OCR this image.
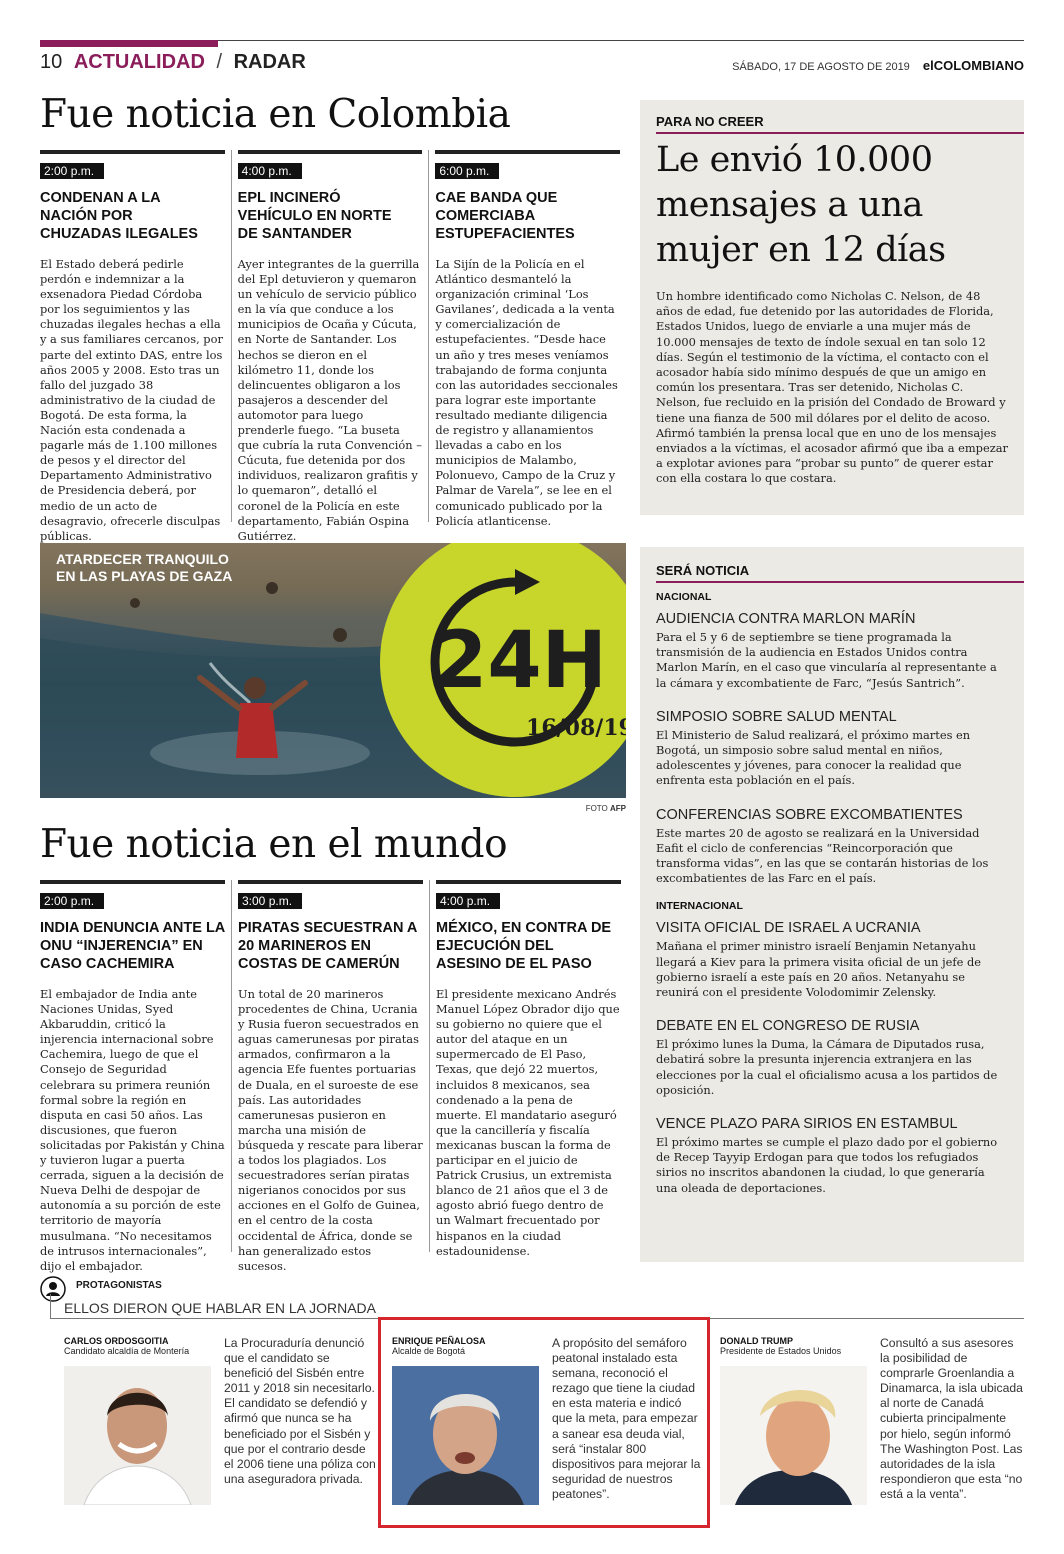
10 ACTUALIDAD / RADAR	SÁBADO, 17 DE AGOSTO DE 2019 elCOLOMBIANO
Fue noticia en Colombia
2:00 p.m.
CONDENAN A LA NACIÓN POR CHUZADAS ILEGALES
El Estado deberá pedirle perdón e indemnizar a la exsenadora Piedad Córdoba por los seguimientos y las chuzadas ilegales hechas a ella y a sus familiares cercanos, por parte del extinto DAS, entre los años 2005 y 2008. Esto tras un fallo del juzgado 38 administrativo de la ciudad de Bogotá. De esta forma, la Nación esta condenada a pagarle más de 1.100 millones de pesos y el director del Departamento Administrativo de Presidencia deberá, por medio de un acto de desagravio, ofrecerle disculpas públicas.
4:00 p.m.
EPL INCINERÓ VEHÍCULO EN NORTE DE SANTANDER
Ayer integrantes de la guerrilla del Epl detuvieron y quemaron un vehículo de servicio público en la vía que conduce a los municipios de Ocaña y Cúcuta, en Norte de Santander. Los hechos se dieron en el kilómetro 11, donde los delincuentes obligaron a los pasajeros a descender del automotor para luego prenderle fuego. “La buseta que cubría la ruta Convención – Cúcuta, fue detenida por dos individuos, realizaron grafitis y lo quemaron”, detalló el coronel de la Policía en este departamento, Fabián Ospina Gutiérrez.
6:00 p.m.
CAE BANDA QUE COMERCIABA ESTUPEFACIENTES
La Sijín de la Policía en el Atlántico desmanteló la organización criminal ‘Los Gavilanes’, dedicada a la venta y comercialización de estupefacientes. “Desde hace un año y tres meses veníamos trabajando de forma conjunta con las autoridades seccionales para lograr este importante resultado mediante diligencia de registro y allanamientos llevadas a cabo en los municipios de Malambo, Polonuevo, Campo de la Cruz y Palmar de Varela”, se lee en el comunicado publicado por la Policía atlanticense.
PARA NO CREER
Le envió 10.000 mensajes a una mujer en 12 días
Un hombre identificado como Nicholas C. Nelson, de 48 años de edad, fue detenido por las autoridades de Florida, Estados Unidos, luego de enviarle a una mujer más de 10.000 mensajes de texto de índole sexual en tan solo 12 días. Según el testimonio de la víctima, el contacto con el acosador había sido mínimo después de que un amigo en común los presentara. Tras ser detenido, Nicholas C. Nelson, fue recluido en la prisión del Condado de Broward y tiene una fianza de 500 mil dólares por el delito de acoso. Afirmó también la prensa local que en uno de los mensajes enviados a la víctimas, el acosador afirmó que iba a empezar a explotar aviones para “probar su punto” de querer estar con ella costara lo que costara.
ATARDECER TRANQUILO
EN LAS PLAYAS DE GAZA
24H
16/08/19
FOTO AFP
SERÁ NOTICIA
NACIONAL
AUDIENCIA CONTRA MARLON MARÍN
Para el 5 y 6 de septiembre se tiene programada la transmisión de la audiencia en Estados Unidos contra Marlon Marín, en el caso que vincularía al representante a la cámara y excombatiente de Farc, “Jesús Santrich”.
SIMPOSIO SOBRE SALUD MENTAL
El Ministerio de Salud realizará, el próximo martes en Bogotá, un simposio sobre salud mental en niños, adolescentes y jóvenes, para conocer la realidad que enfrenta esta población en el país.
CONFERENCIAS SOBRE EXCOMBATIENTES
Este martes 20 de agosto se realizará en la Universidad Eafit el ciclo de conferencias “Reincorporación que transforma vidas”, en las que se contarán historias de los excombatientes de las Farc en el país.
INTERNACIONAL
VISITA OFICIAL DE ISRAEL A UCRANIA
Mañana el primer ministro israelí Benjamin Netanyahu llegará a Kiev para la primera visita oficial de un jefe de gobierno israelí a este país en 20 años. Netanyahu se reunirá con el presidente Volodomimir Zelensky.
DEBATE EN EL CONGRESO DE RUSIA
El próximo lunes la Duma, la Cámara de Diputados rusa, debatirá sobre la presunta injerencia extranjera en las elecciones por la cual el oficialismo acusa a los partidos de oposición.
VENCE PLAZO PARA SIRIOS EN ESTAMBUL
El próximo martes se cumple el plazo dado por el gobierno de Recep Tayyip Erdogan para que todos los refugiados sirios no inscritos abandonen la ciudad, lo que generaría una oleada de deportaciones.
Fue noticia en el mundo
2:00 p.m.
INDIA DENUNCIA ANTE LA ONU “INJERENCIA” EN CASO CACHEMIRA
El embajador de India ante Naciones Unidas, Syed Akbaruddin, criticó la injerencia internacional sobre Cachemira, luego de que el Consejo de Seguridad celebrara su primera reunión formal sobre la región en disputa en casi 50 años. Las discusiones, que fueron solicitadas por Pakistán y China y tuvieron lugar a puerta cerrada, siguen a la decisión de Nueva Delhi de despojar de autonomía a su porción de este territorio de mayoría musulmana. “No necesitamos de intrusos internacionales”, dijo el embajador.
3:00 p.m.
PIRATAS SECUESTRAN A 20 MARINEROS EN COSTAS DE CAMERÚN
Un total de 20 marineros procedentes de China, Ucrania y Rusia fueron secuestrados en aguas camerunesas por piratas armados, confirmaron a la agencia Efe fuentes portuarias de Duala, en el suroeste de ese país. Las autoridades camerunesas pusieron en marcha una misión de búsqueda y rescate para liberar a todos los plagiados. Los secuestradores serían piratas nigerianos conocidos por sus acciones en el Golfo de Guinea, en el centro de la costa occidental de África, donde se han generalizado estos sucesos.
4:00 p.m.
MÉXICO, EN CONTRA DE EJECUCIÓN DEL ASESINO DE EL PASO
El presidente mexicano Andrés Manuel López Obrador dijo que su gobierno no quiere que el autor del ataque en un supermercado de El Paso, Texas, que dejó 22 muertos, incluidos 8 mexicanos, sea condenado a la pena de muerte. El mandatario aseguró que la cancillería y fiscalía mexicanas buscan la forma de participar en el juicio de Patrick Crusius, un extremista blanco de 21 años que el 3 de agosto abrió fuego dentro de un Walmart frecuentado por hispanos en la ciudad estadounidense.
PROTAGONISTAS
ELLOS DIERON QUE HABLAR EN LA JORNADA
CARLOS ORDOSGOITIA
Candidato alcaldía de Montería
La Procuraduría denunció que el candidato se benefició del Sisbén entre 2011 y 2018 sin necesitarlo. El candidato se defendió y afirmó que nunca se ha beneficiado por el Sisbén y que por el contrario desde el 2006 tiene una póliza con una aseguradora privada.
ENRIQUE PEÑALOSA
Alcalde de Bogotá
A propósito del semáforo peatonal instalado esta semana, reconoció el rezago que tiene la ciudad en esta materia e indicó que la meta, para empezar a sanear esa deuda vial, será “instalar 800 dispositivos para mejorar la seguridad de nuestros peatones”.
DONALD TRUMP
Presidente de Estados Unidos
Consultó a sus asesores la posibilidad de comprarle Groenlandia a Dinamarca, la isla ubicada al norte de Canadá cubierta principalmente por hielo, según informó The Washington Post. Las autoridades de la isla respondieron que esta “no está a la venta”.
